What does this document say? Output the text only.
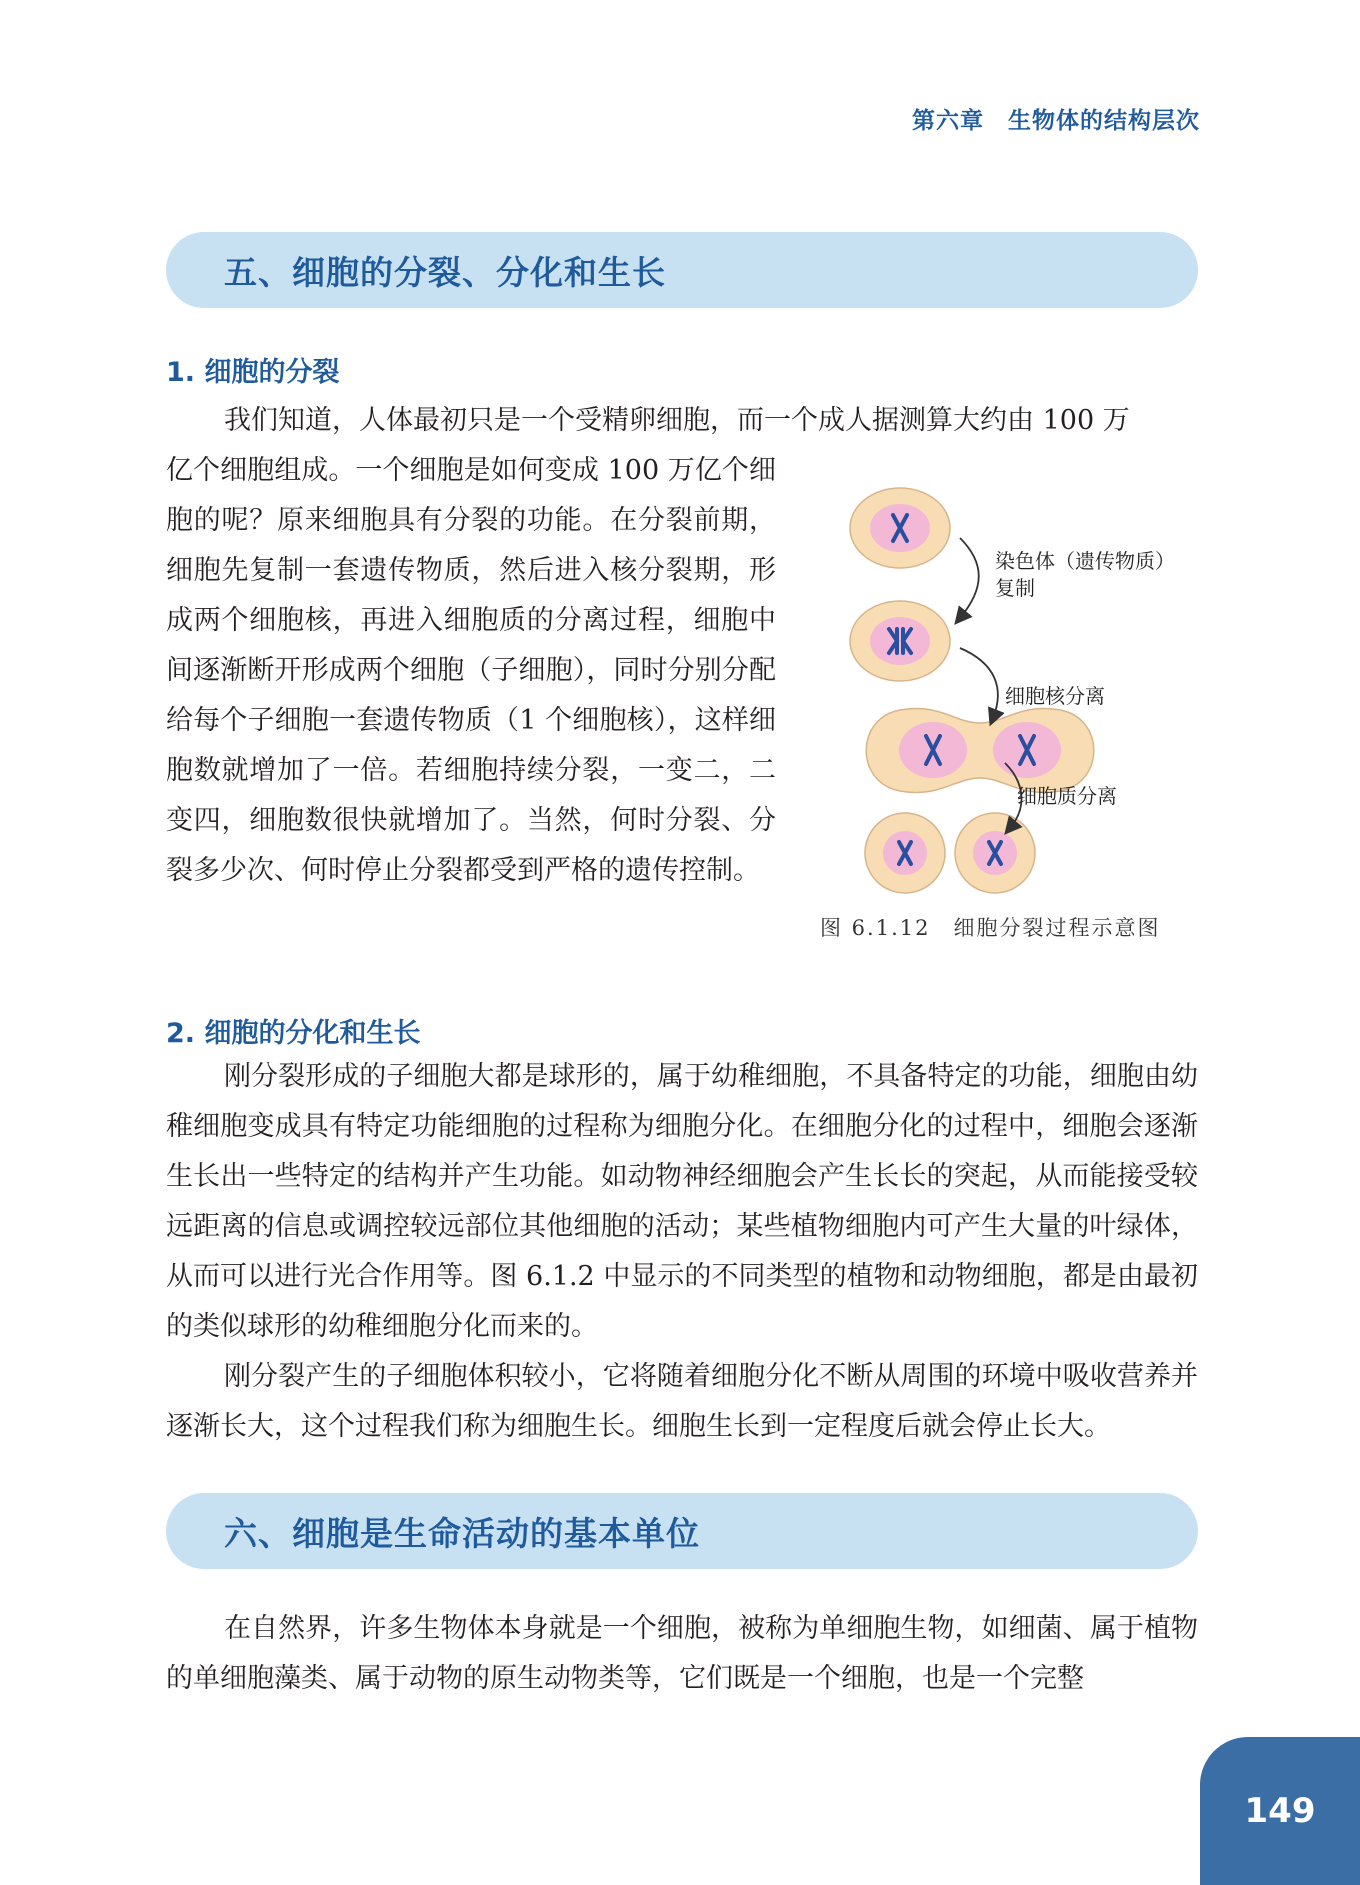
第六章　生物体的结构层次
五、细胞的分裂、分化和生长
1. 细胞的分裂

我们知道，人体最初只是一个受精卵细胞，而一个成人据测算大约由 100 万

亿个细胞组成。一个细胞是如何变成 100 万亿个细胞的呢？原来细胞具有分裂的功能。在分裂前期，细胞先复制一套遗传物质，然后进入核分裂期，形成两个细胞核，再进入细胞质的分离过程，细胞中间逐渐断开形成两个细胞（子细胞），同时分别分配给每个子细胞一套遗传物质（1 个细胞核），这样细胞数就增加了一倍。若细胞持续分裂，一变二，二变四，细胞数很快就增加了。当然，何时分裂、分裂多少次、何时停止分裂都受到严格的遗传控制。

染色体（遗传物质）
复制
细胞核分离
细胞质分离
图 6.1.12　细胞分裂过程示意图
2. 细胞的分化和生长

刚分裂形成的子细胞大都是球形的，属于幼稚细胞，不具备特定的功能，细胞由幼稚细胞变成具有特定功能细胞的过程称为细胞分化。在细胞分化的过程中，细胞会逐渐生长出一些特定的结构并产生功能。如动物神经细胞会产生长长的突起，从而能接受较远距离的信息或调控较远部位其他细胞的活动；某些植物细胞内可产生大量的叶绿体，从而可以进行光合作用等。图 6.1.2 中显示的不同类型的植物和动物细胞，都是由最初的类似球形的幼稚细胞分化而来的。

刚分裂产生的子细胞体积较小，它将随着细胞分化不断从周围的环境中吸收营养并逐渐长大，这个过程我们称为细胞生长。细胞生长到一定程度后就会停止长大。

六、细胞是生命活动的基本单位

在自然界，许多生物体本身就是一个细胞，被称为单细胞生物，如细菌、属于植物的单细胞藻类、属于动物的原生动物类等，它们既是一个细胞，也是一个完整

149
